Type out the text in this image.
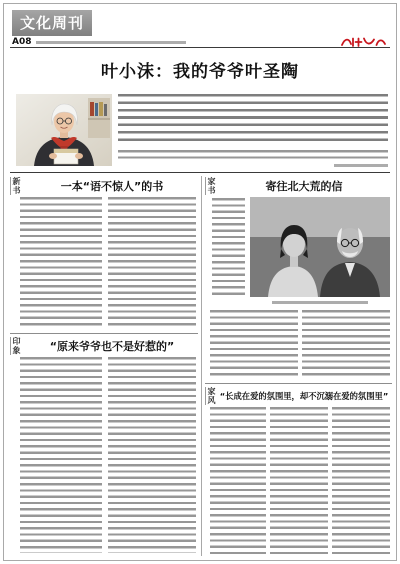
文化周刊
A08
叶小沫：我的爷爷叶圣陶
新书	一本“语不惊人”的书
印象	“原来爷爷也不是好惹的”
家书	寄往北大荒的信
家风 “长成在爱的氛围里，却不沉溺在爱的氛围里”
